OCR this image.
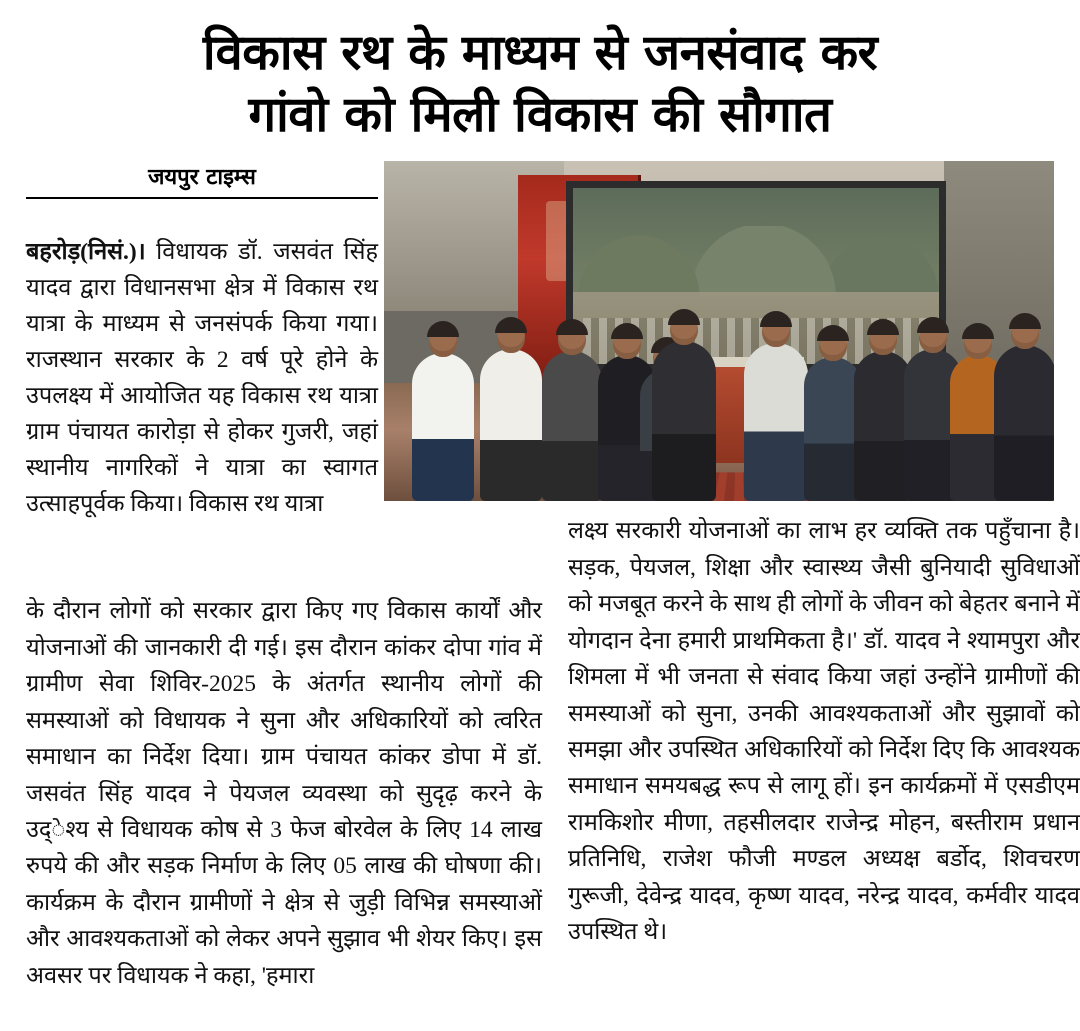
विकास रथ के माध्यम से जनसंवाद कर
गांवो को मिली विकास की सौगात
जयपुर टाइम्स
बहरोड़(निसं.)। विधायक डॉ. जसवंत सिंह यादव द्वारा विधानसभा क्षेत्र में विकास रथ यात्रा के माध्यम से जनसंपर्क किया गया। राजस्थान सरकार के 2 वर्ष पूरे होने के उपलक्ष्य में आयोजित यह विकास रथ यात्रा ग्राम पंचायत कारोड़ा से होकर गुजरी, जहां स्थानीय नागरिकों ने यात्रा का स्वागत उत्साहपूर्वक किया। विकास रथ यात्रा

लक्ष्य सरकारी योजनाओं का लाभ हर व्यक्ति तक पहुँचाना है। सड़क, पेयजल, शिक्षा और स्वास्थ्य जैसी बुनियादी सुविधाओं को मजबूत करने के साथ ही लोगों के जीवन को बेहतर बनाने में योगदान देना हमारी प्राथमिकता है।' डॉ. यादव ने श्यामपुरा और शिमला में भी जनता से संवाद किया जहां उन्होंने ग्रामीणों की समस्याओं को सुना, उनकी आवश्यकताओं और सुझावों को समझा और उपस्थित अधिकारियों को निर्देश दिए कि आवश्यक समाधान समयबद्ध रूप से लागू हों। इन कार्यक्रमों में एसडीएम रामकिशोर मीणा, तहसीलदार राजेन्द्र मोहन, बस्तीराम प्रधान प्रतिनिधि, राजेश फौजी मण्डल अध्यक्ष बर्डोद, शिवचरण गुरूजी, देवेन्द्र यादव, कृष्ण यादव, नरेन्द्र यादव, कर्मवीर यादव उपस्थित थे।

के दौरान लोगों को सरकार द्वारा किए गए विकास कार्यों और योजनाओं की जानकारी दी गई। इस दौरान कांकर दोपा गांव में ग्रामीण सेवा शिविर-2025 के अंतर्गत स्थानीय लोगों की समस्याओं को विधायक ने सुना और अधिकारियों को त्वरित समाधान का निर्देश दिया। ग्राम पंचायत कांकर डोपा में डॉ. जसवंत सिंह यादव ने पेयजल व्यवस्था को सुदृढ़ करने के उद्ेश्य से विधायक कोष से 3 फेज बोरवेल के लिए 14 लाख रुपये की और सड़क निर्माण के लिए 05 लाख की घोषणा की। कार्यक्रम के दौरान ग्रामीणों ने क्षेत्र से जुड़ी विभिन्न समस्याओं और आवश्यकताओं को लेकर अपने सुझाव भी शेयर किए। इस अवसर पर विधायक ने कहा, 'हमारा
